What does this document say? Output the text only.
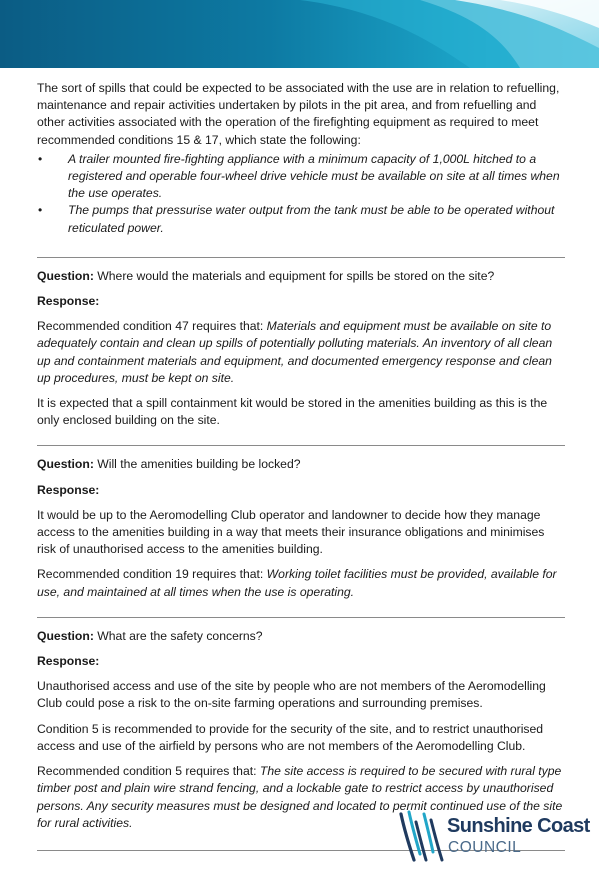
The sort of spills that could be expected to be associated with the use are in relation to refuelling, maintenance and repair activities undertaken by pilots in the pit area, and from refuelling and other activities associated with the operation of the firefighting equipment as required to meet recommended conditions 15 & 17, which state the following:

• A trailer mounted fire-fighting appliance with a minimum capacity of 1,000L hitched to a registered and operable four-wheel drive vehicle must be available on site at all times when the use operates.
• The pumps that pressurise water output from the tank must be able to be operated without reticulated power.

Question: Where would the materials and equipment for spills be stored on the site?

Response:

Recommended condition 47 requires that: Materials and equipment must be available on site to adequately contain and clean up spills of potentially polluting materials. An inventory of all clean up and containment materials and equipment, and documented emergency response and clean up procedures, must be kept on site.

It is expected that a spill containment kit would be stored in the amenities building as this is the only enclosed building on the site.

Question: Will the amenities building be locked?

Response:

It would be up to the Aeromodelling Club operator and landowner to decide how they manage access to the amenities building in a way that meets their insurance obligations and minimises risk of unauthorised access to the amenities building.

Recommended condition 19 requires that: Working toilet facilities must be provided, available for use, and maintained at all times when the use is operating.

Question: What are the safety concerns?

Response:

Unauthorised access and use of the site by people who are not members of the Aeromodelling Club could pose a risk to the on-site farming operations and surrounding premises.

Condition 5 is recommended to provide for the security of the site, and to restrict unauthorised access and use of the airfield by persons who are not members of the Aeromodelling Club.

Recommended condition 5 requires that: The site access is required to be secured with rural type timber post and plain wire strand fencing, and a lockable gate to restrict access by unauthorised persons. Any security measures must be designed and located to permit continued use of the site for rural activities.	Sunshine Coast
COUNCIL
